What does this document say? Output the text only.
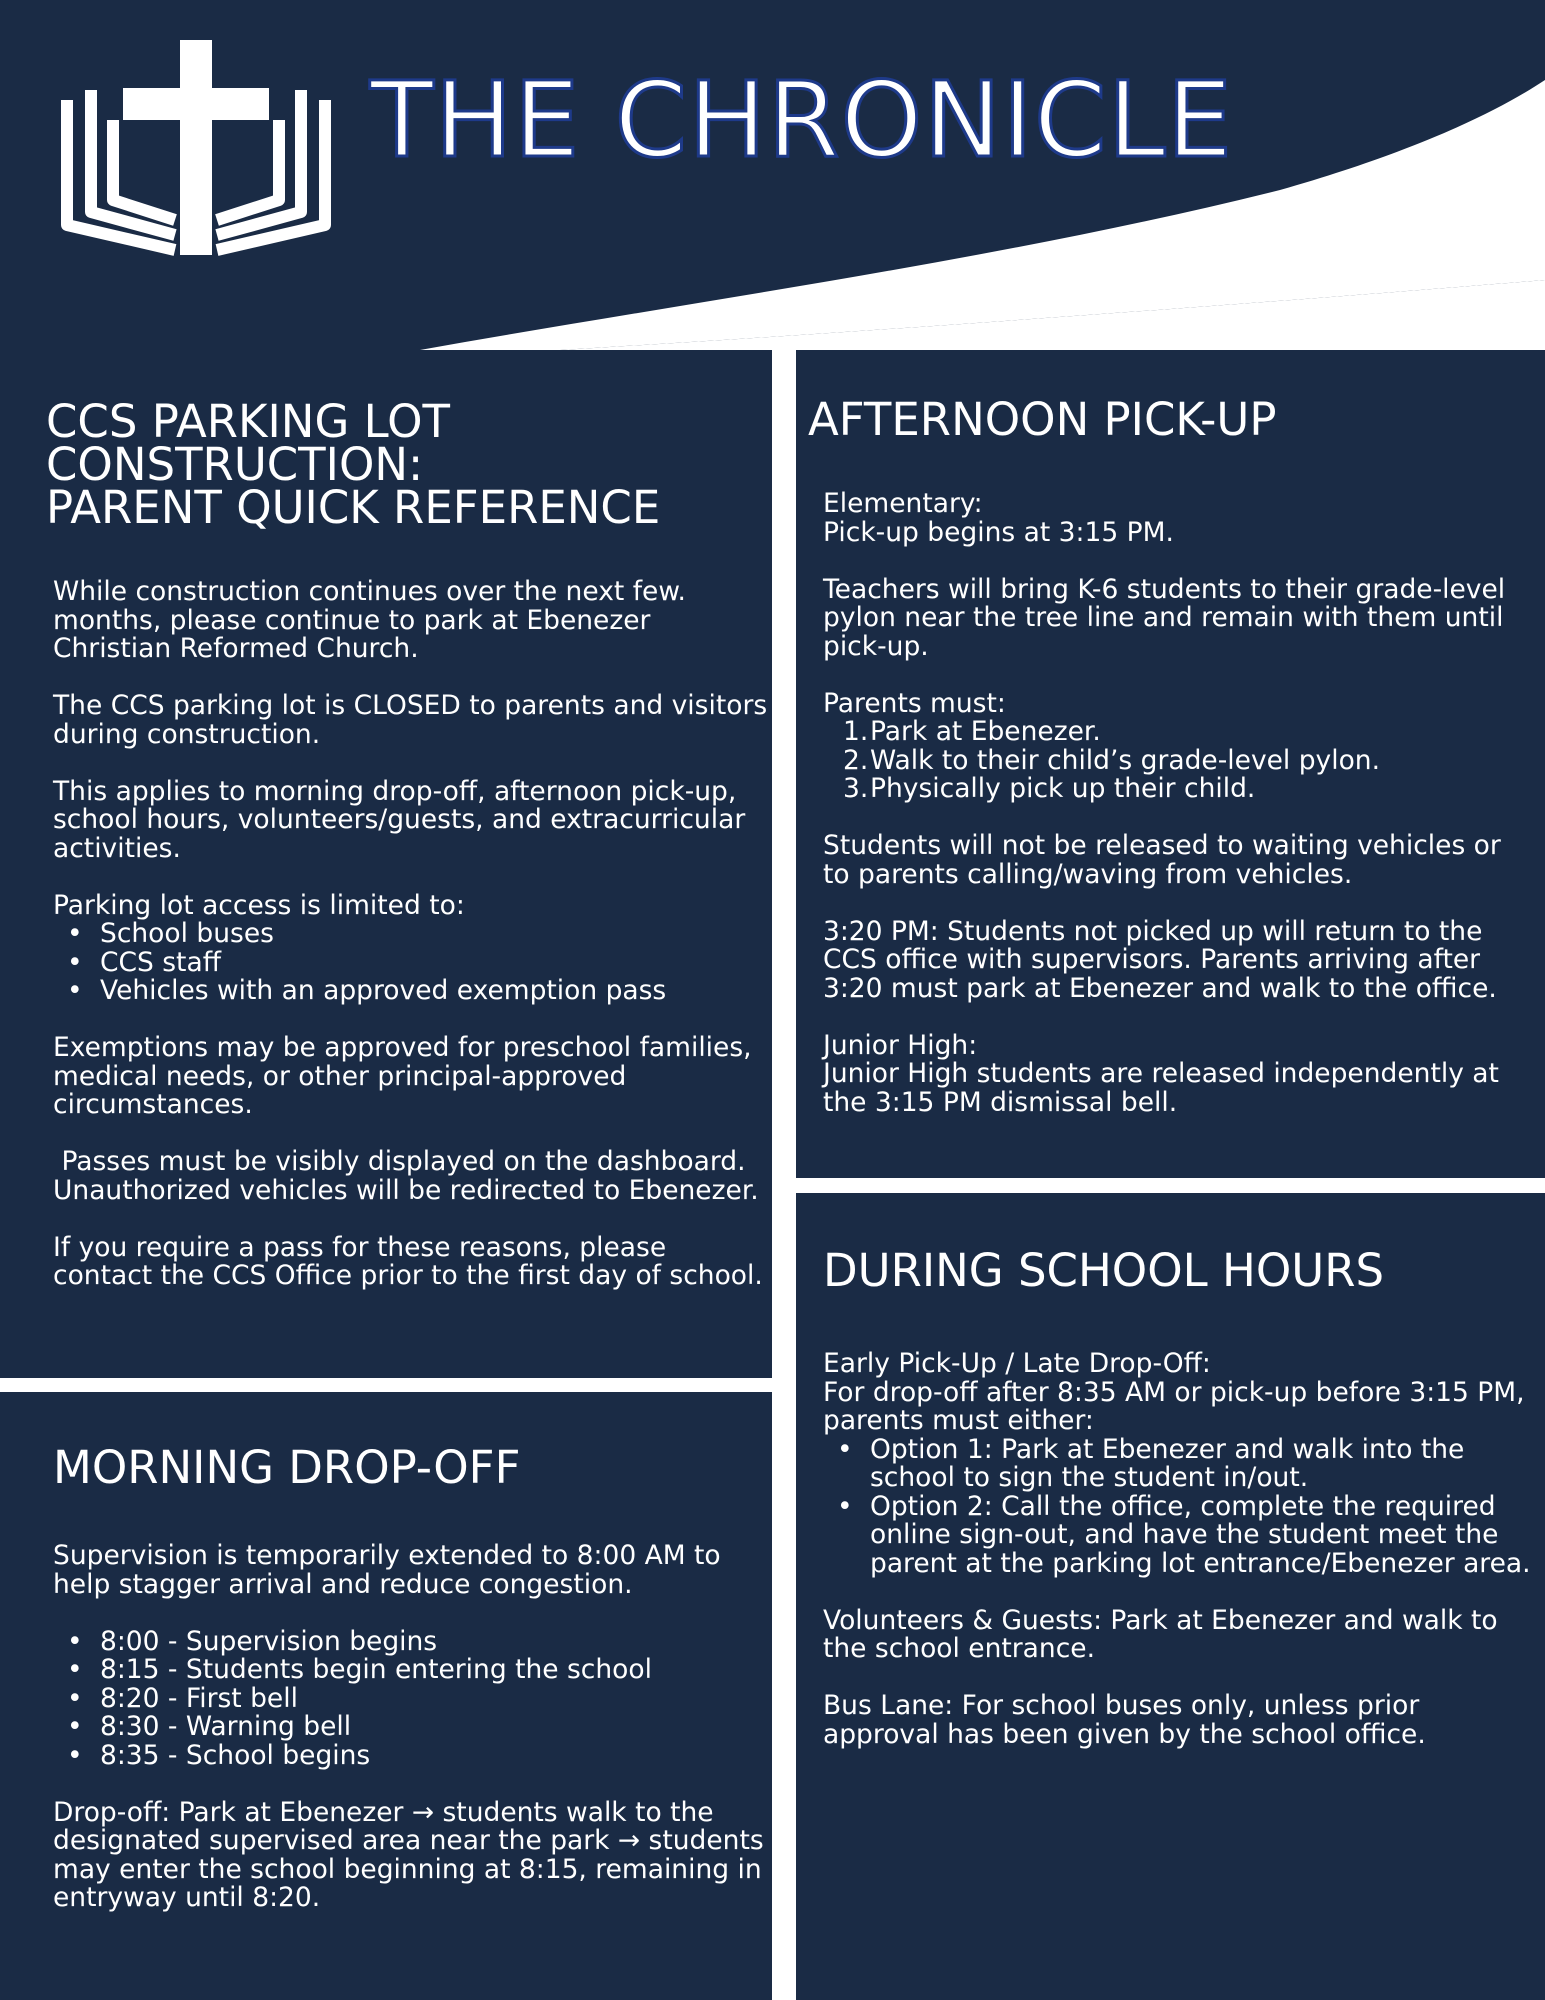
THE CHRONICLE
CCS PARKING LOT
CONSTRUCTION:
PARENT QUICK REFERENCE

While construction continues over the next few. months, please continue to park at Ebenezer Christian Reformed Church.

The CCS parking lot is CLOSED to parents and visitors during construction.

This applies to morning drop-off, afternoon pick-up, school hours, volunteers/guests, and extracurricular activities.

Parking lot access is limited to:

• School buses
• CCS staff
• Vehicles with an approved exemption pass

Exemptions may be approved for preschool families, medical needs, or other principal-approved circumstances.

Passes must be visibly displayed on the dashboard. Unauthorized vehicles will be redirected to Ebenezer.

If you require a pass for these reasons, please contact the CCS Office prior to the first day of school.

MORNING DROP-OFF

Supervision is temporarily extended to 8:00 AM to help stagger arrival and reduce congestion.

• 8:00 - Supervision begins
• 8:15 - Students begin entering the school
• 8:20 - First bell
• 8:30 - Warning bell
• 8:35 - School begins

Drop-off: Park at Ebenezer → students walk to the designated supervised area near the park → students may enter the school beginning at 8:15, remaining in entryway until 8:20.

AFTERNOON PICK-UP

Elementary:

Pick-up begins at 3:15 PM.

Teachers will bring K-6 students to their grade-level pylon near the tree line and remain with them until pick-up.

Parents must:

1. Park at Ebenezer.
2. Walk to their child’s grade-level pylon.
3. Physically pick up their child.

Students will not be released to waiting vehicles or to parents calling/waving from vehicles.

3:20 PM: Students not picked up will return to the CCS office with supervisors. Parents arriving after 3:20 must park at Ebenezer and walk to the office.

Junior High:

Junior High students are released independently at the 3:15 PM dismissal bell.

DURING SCHOOL HOURS

Early Pick-Up / Late Drop-Off:

For drop-off after 8:35 AM or pick-up before 3:15 PM, parents must either:

• Option 1: Park at Ebenezer and walk into the school to sign the student in/out.
• Option 2: Call the office, complete the required online sign-out, and have the student meet the parent at the parking lot entrance/Ebenezer area.

Volunteers & Guests: Park at Ebenezer and walk to the school entrance.

Bus Lane: For school buses only, unless prior approval has been given by the school office.
